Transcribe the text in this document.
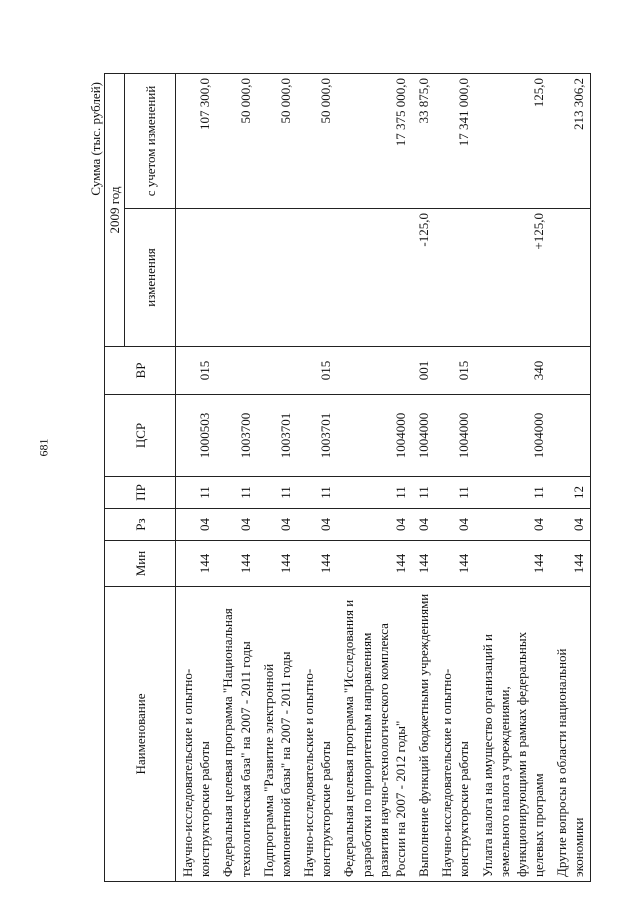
681
Сумма (тыс. рублей)
Наименование	Мин	Рз	ПР	ЦСР	ВР	2009 год	
						изменения	с учетом изменений
Научно-исследовательские и опытно-конструкторские работы	144	04	11	1000503	015		107 300,0
Федеральная целевая программа "Национальная технологическая база" на 2007 - 2011 годы	144	04	11	1003700			50 000,0
Подпрограмма "Развитие электронной компонентной базы" на 2007 - 2011 годы	144	04	11	1003701			50 000,0
Научно-исследовательские и опытно-конструкторские работы	144	04	11	1003701	015		50 000,0
Федеральная целевая программа "Исследования и разработки по приоритетным направлениям развития научно-технологического комплекса России на 2007 - 2012 годы"	144	04	11	1004000			17 375 000,0
Выполнение функций бюджетными учреждениями	144	04	11	1004000	001	-125,0	33 875,0
Научно-исследовательские и опытно-конструкторские работы	144	04	11	1004000	015		17 341 000,0
Уплата налога на имущество организаций и земельного налога учреждениями, функционирующими в рамках федеральных целевых программ	144	04	11	1004000	340	+125,0	125,0
Другие вопросы в области национальной экономики	144	04	12				213 306,2
